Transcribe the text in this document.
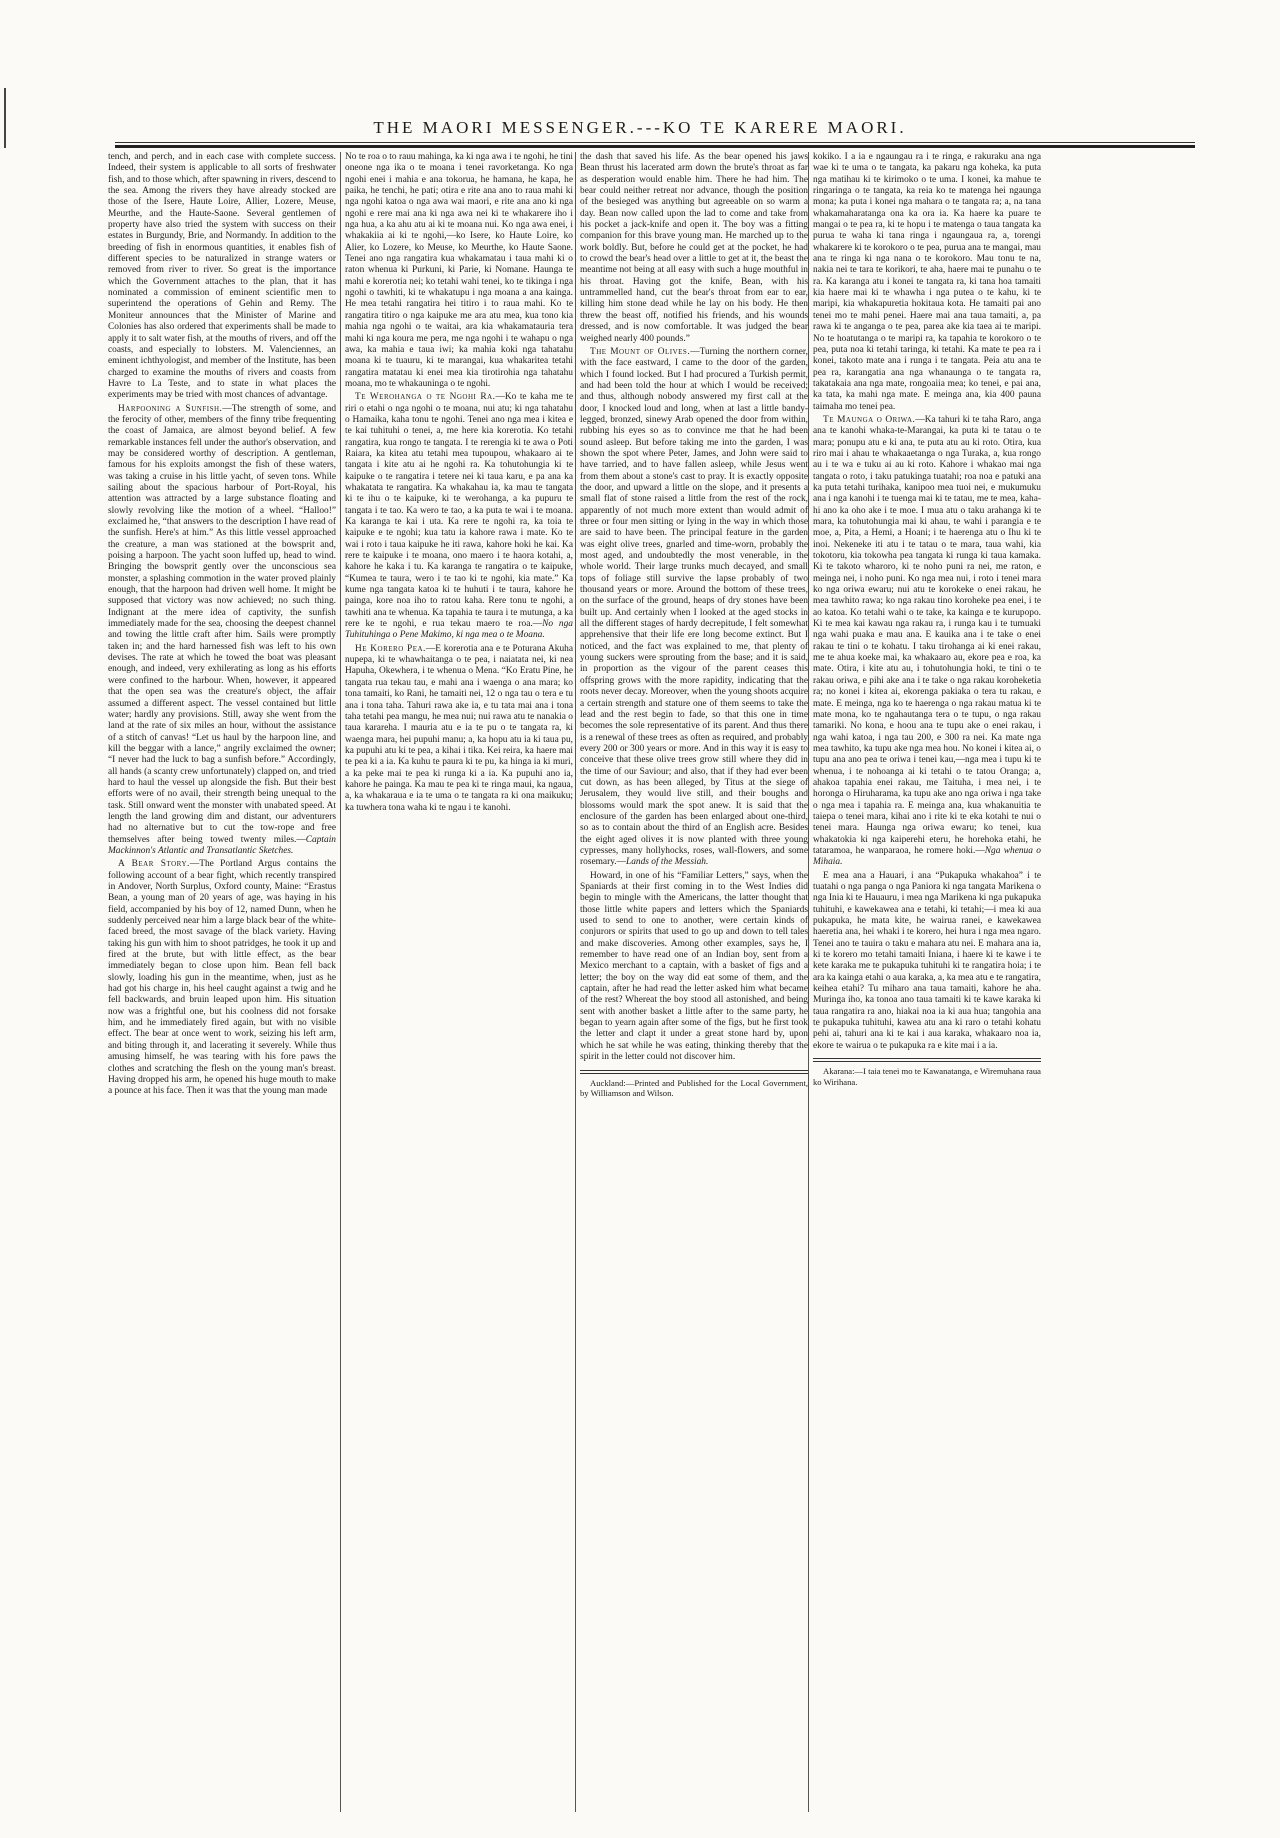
THE MAORI MESSENGER.---KO TE KARERE MAORI.

tench, and perch, and in each case with complete success. Indeed, their system is applicable to all sorts of freshwater fish, and to those which, after spawning in rivers, descend to the sea. Among the rivers they have already stocked are those of the Isere, Haute Loire, Allier, Lozere, Meuse, Meurthe, and the Haute-Saone. Several gentlemen of property have also tried the system with success on their estates in Burgundy, Brie, and Normandy. In addition to the breeding of fish in enormous quantities, it enables fish of different species to be naturalized in strange waters or removed from river to river. So great is the importance which the Government attaches to the plan, that it has nominated a commission of eminent scientific men to superintend the operations of Gehin and Remy. The Moniteur announces that the Minister of Marine and Colonies has also ordered that experiments shall be made to apply it to salt water fish, at the mouths of rivers, and off the coasts, and especially to lobsters. M. Valenciennes, an eminent ichthyologist, and member of the Institute, has been charged to examine the mouths of rivers and coasts from Havre to La Teste, and to state in what places the experiments may be tried with most chances of advantage.

Harpooning a Sunfish.—The strength of some, and the ferocity of other, members of the finny tribe frequenting the coast of Jamaica, are almost beyond belief. A few remarkable instances fell under the author's observation, and may be considered worthy of description. A gentleman, famous for his exploits amongst the fish of these waters, was taking a cruise in his little yacht, of seven tons. While sailing about the spacious harbour of Port-Royal, his attention was attracted by a large substance floating and slowly revolving like the motion of a wheel. “Halloo!” exclaimed he, “that answers to the description I have read of the sunfish. Here's at him.” As this little vessel approached the creature, a man was stationed at the bowsprit and, poising a harpoon. The yacht soon luffed up, head to wind. Bringing the bowsprit gently over the unconscious sea monster, a splashing commotion in the water proved plainly enough, that the harpoon had driven well home. It might be supposed that victory was now achieved; no such thing. Indignant at the mere idea of captivity, the sunfish immediately made for the sea, choosing the deepest channel and towing the little craft after him. Sails were promptly taken in; and the hard harnessed fish was left to his own devises. The rate at which he towed the boat was pleasant enough, and indeed, very exhilerating as long as his efforts were confined to the harbour. When, however, it appeared that the open sea was the creature's object, the affair assumed a different aspect. The vessel contained but little water; hardly any provisions. Still, away she went from the land at the rate of six miles an hour, without the assistance of a stitch of canvas! “Let us haul by the harpoon line, and kill the beggar with a lance,” angrily exclaimed the owner; “I never had the luck to bag a sunfish before.” Accordingly, all hands (a scanty crew unfortunately) clapped on, and tried hard to haul the vessel up alongside the fish. But their best efforts were of no avail, their strength being unequal to the task. Still onward went the monster with unabated speed. At length the land growing dim and distant, our adventurers had no alternative but to cut the tow-rope and free themselves after being towed twenty miles.—Captain Mackinnon's Atlantic and Transatlantic Sketches.

A Bear Story.—The Portland Argus contains the following account of a bear fight, which recently transpired in Andover, North Surplus, Oxford county, Maine: “Erastus Bean, a young man of 20 years of age, was haying in his field, accompanied by his boy of 12, named Dunn, when he suddenly perceived near him a large black bear of the white-faced breed, the most savage of the black variety. Having taking his gun with him to shoot patridges, he took it up and fired at the brute, but with little effect, as the bear immediately began to close upon him. Bean fell back slowly, loading his gun in the meantime, when, just as he had got his charge in, his heel caught against a twig and he fell backwards, and bruin leaped upon him. His situation now was a frightful one, but his coolness did not forsake him, and he immediately fired again, but with no visible effect. The bear at once went to work, seizing his left arm, and biting through it, and lacerating it severely. While thus amusing himself, he was tearing with his fore paws the clothes and scratching the flesh on the young man's breast. Having dropped his arm, he opened his huge mouth to make a pounce at his face. Then it was that the young man made

No te roa o to rauu mahinga, ka ki nga awa i te ngohi, he tini oneone nga ika o te moana i tenei ravorketanga. Ko nga ngohi enei i mahia e ana tokorua, he hamana, he kapa, he paika, he tenchi, he pati; otira e rite ana ano to raua mahi ki nga ngohi katoa o nga awa wai maori, e rite ana ano ki nga ngohi e rere mai ana ki nga awa nei ki te whakarere iho i nga hua, a ka ahu atu ai ki te moana nui. Ko nga awa enei, i whakakiia ai ki te ngohi,—ko Isere, ko Haute Loire, ko Alier, ko Lozere, ko Meuse, ko Meurthe, ko Haute Saone. Tenei ano nga rangatira kua whakamatau i taua mahi ki o raton whenua ki Purkuni, ki Parie, ki Nomane. Haunga te mahi e korerotia nei; ko tetahi wahi tenei, ko te tikinga i nga ngohi o tawhiti, ki te whakatupu i nga moana a ana kainga. He mea tetahi rangatira hei titiro i to raua mahi. Ko te rangatira titiro o nga kaipuke me ara atu mea, kua tono kia mahia nga ngohi o te waitai, ara kia whakamatauria tera mahi ki nga koura me pera, me nga ngohi i te wahapu o nga awa, ka mahia e taua iwi; ka mahia koki nga tahatahu moana ki te tuauru, ki te marangai, kua whakaritea tetahi rangatira matatau ki enei mea kia tirotirohia nga tahatahu moana, mo te whakauninga o te ngohi.

Te Werohanga o te Ngohi Ra.—Ko te kaha me te riri o etahi o nga ngohi o te moana, nui atu; ki nga tahatahu o Hamaika, kaha tonu te ngohi. Tenei ano nga mea i kitea e te kai tuhituhi o tenei, a, me here kia korerotia. Ko tetahi rangatira, kua rongo te tangata. I te rerengia ki te awa o Poti Raiara, ka kitea atu tetahi mea tupoupou, whakaaro ai te tangata i kite atu ai he ngohi ra. Ka tohutohungia ki te kaipuke o te rangatira i tetere nei ki taua karu, e pa ana ka whakatata te rangatira. Ka whakahau ia, ka mau te tangata ki te ihu o te kaipuke, ki te werohanga, a ka pupuru te tangata i te tao. Ka wero te tao, a ka puta te wai i te moana. Ka karanga te kai i uta. Ka rere te ngohi ra, ka toia te kaipuke e te ngohi; kua tatu ia kahore rawa i mate. Ko te wai i roto i taua kaipuke he iti rawa, kahore hoki he kai. Ka rere te kaipuke i te moana, ono maero i te haora kotahi, a, kahore he kaka i tu. Ka karanga te rangatira o te kaipuke, “Kumea te taura, wero i te tao ki te ngohi, kia mate.” Ka kume nga tangata katoa ki te huhuti i te taura, kahore he painga, kore noa iho to ratou kaha. Rere tonu te ngohi, a tawhiti ana te whenua. Ka tapahia te taura i te mutunga, a ka rere ke te ngohi, e rua tekau maero te roa.—No nga Tuhituhinga o Pene Makimo, ki nga mea o te Moana.

He Korero Pea.—E korerotia ana e te Poturana Akuha nupepa, ki te whawhaitanga o te pea, i naiatata nei, ki nea Hapuha, Okewhera, i te whenua o Mena. “Ko Eratu Pine, he tangata rua tekau tau, e mahi ana i waenga o ana mara; ko tona tamaiti, ko Rani, he tamaiti nei, 12 o nga tau o tera e tu ana i tona taha. Tahuri rawa ake ia, e tu tata mai ana i tona taha tetahi pea mangu, he mea nui; nui rawa atu te nanakia o taua karareha. I mauria atu e ia te pu o te tangata ra, ki waenga mara, hei pupuhi manu; a, ka hopu atu ia ki taua pu, ka pupuhi atu ki te pea, a kihai i tika. Kei reira, ka haere mai te pea ki a ia. Ka kuhu te paura ki te pu, ka hinga ia ki muri, a ka peke mai te pea ki runga ki a ia. Ka pupuhi ano ia, kahore he painga. Ka mau te pea ki te ringa maui, ka ngaua, a, ka whakaraua e ia te uma o te tangata ra ki ona maikuku; ka tuwhera tona waha ki te ngau i te kanohi.

the dash that saved his life. As the bear opened his jaws Bean thrust his lacerated arm down the brute's throat as far as desperation would enable him. There he had him. The bear could neither retreat nor advance, though the position of the besieged was anything but agreeable on so warm a day. Bean now called upon the lad to come and take from his pocket a jack-knife and open it. The boy was a fitting companion for this brave young man. He marched up to the work boldly. But, before he could get at the pocket, he had to crowd the bear's head over a little to get at it, the beast the meantime not being at all easy with such a huge mouthful in his throat. Having got the knife, Bean, with his untrammelled hand, cut the bear's throat from ear to ear, killing him stone dead while he lay on his body. He then threw the beast off, notified his friends, and his wounds dressed, and is now comfortable. It was judged the bear weighed nearly 400 pounds.”

The Mount of Olives.—Turning the northern corner, with the face eastward, I came to the door of the garden, which I found locked. But I had procured a Turkish permit, and had been told the hour at which I would be received; and thus, although nobody answered my first call at the door, I knocked loud and long, when at last a little bandy-legged, bronzed, sinewy Arab opened the door from within, rubbing his eyes so as to convince me that he had been sound asleep. But before taking me into the garden, I was shown the spot where Peter, James, and John were said to have tarried, and to have fallen asleep, while Jesus went from them about a stone's cast to pray. It is exactly opposite the door, and upward a little on the slope, and it presents a small flat of stone raised a little from the rest of the rock, apparently of not much more extent than would admit of three or four men sitting or lying in the way in which those are said to have been. The principal feature in the garden was eight olive trees, gnarled and time-worn, probably the most aged, and undoubtedly the most venerable, in the whole world. Their large trunks much decayed, and small tops of foliage still survive the lapse probably of two thousand years or more. Around the bottom of these trees, on the surface of the ground, heaps of dry stones have been built up. And certainly when I looked at the aged stocks in all the different stages of hardy decrepitude, I felt somewhat apprehensive that their life ere long become extinct. But I noticed, and the fact was explained to me, that plenty of young suckers were sprouting from the base; and it is said, in proportion as the vigour of the parent ceases this offspring grows with the more rapidity, indicating that the roots never decay. Moreover, when the young shoots acquire a certain strength and stature one of them seems to take the lead and the rest begin to fade, so that this one in time becomes the sole representative of its parent. And thus there is a renewal of these trees as often as required, and probably every 200 or 300 years or more. And in this way it is easy to conceive that these olive trees grow still where they did in the time of our Saviour; and also, that if they had ever been cut down, as has been alleged, by Titus at the siege of Jerusalem, they would live still, and their boughs and blossoms would mark the spot anew. It is said that the enclosure of the garden has been enlarged about one-third, so as to contain about the third of an English acre. Besides the eight aged olives it is now planted with three young cypresses, many hollyhocks, roses, wall-flowers, and some rosemary.—Lands of the Messiah.

Howard, in one of his “Familiar Letters,” says, when the Spaniards at their first coming in to the West Indies did begin to mingle with the Americans, the latter thought that those little white papers and letters which the Spaniards used to send to one to another, were certain kinds of conjurors or spirits that used to go up and down to tell tales and make discoveries. Among other examples, says he, I remember to have read one of an Indian boy, sent from a Mexico merchant to a captain, with a basket of figs and a letter; the boy on the way did eat some of them, and the captain, after he had read the letter asked him what became of the rest? Whereat the boy stood all astonished, and being sent with another basket a little after to the same party, he began to yearn again after some of the figs, but he first took the letter and clapt it under a great stone hard by, upon which he sat while he was eating, thinking thereby that the spirit in the letter could not discover him.

Auckland:—Printed and Published for the Local Government, by Williamson and Wilson.

kokiko. I a ia e ngaungau ra i te ringa, e rakuraku ana nga wae ki te uma o te tangata, ka pakaru nga koheka, ka puta nga matihau ki te kirimoko o te uma. I konei, ka mahue te ringaringa o te tangata, ka reia ko te matenga hei ngaunga mona; ka puta i konei nga mahara o te tangata ra; a, na tana whakamaharatanga ona ka ora ia. Ka haere ka puare te mangai o te pea ra, ki te hopu i te matenga o taua tangata ka purua te waha ki tana ringa i ngaungaua ra, a, torengi whakarere ki te korokoro o te pea, purua ana te mangai, mau ana te ringa ki nga nana o te korokoro. Mau tonu te na, nakia nei te tara te korikori, te aha, haere mai te punahu o te ra. Ka karanga atu i konei te tangata ra, ki tana hoa tamaiti kia haere mai ki te whawha i nga putea o te kahu, ki te maripi, kia whakapuretia hokitaua kota. He tamaiti pai ano tenei mo te mahi penei. Haere mai ana taua tamaiti, a, pa rawa ki te anganga o te pea, parea ake kia taea ai te maripi. No te hoatutanga o te maripi ra, ka tapahia te korokoro o te pea, puta noa ki tetahi taringa, ki tetahi. Ka mate te pea ra i konei, takoto mate ana i runga i te tangata. Peia atu ana te pea ra, karangatia ana nga whanaunga o te tangata ra, takatakaia ana nga mate, rongoaiia mea; ko tenei, e pai ana, ka tata, ka mahi nga mate. E meinga ana, kia 400 pauna taimaha mo tenei pea.

Te Maunga o Oriwa.—Ka tahuri ki te taha Raro, anga ana te kanohi whaka-te-Marangai, ka puta ki te tatau o te mara; ponupu atu e ki ana, te puta atu au ki roto. Otira, kua riro mai i ahau te whakaaetanga o nga Turaka, a, kua rongo au i te wa e tuku ai au ki roto. Kahore i whakao mai nga tangata o roto, i taku patukinga tuatahi; roa noa e patuki ana ka puta tetahi turihaka, kanipoo mea tuoi nei, e mukumuku ana i nga kanohi i te tuenga mai ki te tatau, me te mea, kaha-hi ano ka oho ake i te moe. I mua atu o taku arahanga ki te mara, ka tohutohungia mai ki ahau, te wahi i parangia e te moe, a, Pita, a Hemi, a Hoani; i te haerenga atu o Ihu ki te inoi. Nekeneke iti atu i te tatau o te mara, taua wahi, kia tokotoru, kia tokowha pea tangata ki runga ki taua kamaka. Ki te takoto wharoro, ki te noho puni ra nei, me raton, e meinga nei, i noho puni. Ko nga mea nui, i roto i tenei mara ko nga oriwa ewaru; nui atu te korokeke o enei rakau, he mea tawhito rawa; ko nga rakau tino koroheke pea enei, i te ao katoa. Ko tetahi wahi o te take, ka kainga e te kurupopo. Ki te mea kai kawau nga rakau ra, i runga kau i te tumuaki nga wahi puaka e mau ana. E kauika ana i te take o enei rakau te tini o te kohatu. I taku tirohanga ai ki enei rakau, me te ahua koeke mai, ka whakaaro au, ekore pea e roa, ka mate. Otira, i kite atu au, i tohutohungia hoki, te tini o te rakau oriwa, e pihi ake ana i te take o nga rakau koroheketia ra; no konei i kitea ai, ekorenga pakiaka o tera tu rakau, e mate. E meinga, nga ko te haerenga o nga rakau matua ki te mate mona, ko te ngahautanga tera o te tupu, o nga rakau tamariki. No kona, e hoou ana te tupu ake o enei rakau, i nga wahi katoa, i nga tau 200, e 300 ra nei. Ka mate nga mea tawhito, ka tupu ake nga mea hou. No konei i kitea ai, o tupu ana ano pea te oriwa i tenei kau,—nga mea i tupu ki te whenua, i te nohoanga ai ki tetahi o te tatou Oranga; a, ahakoa tapahia enei rakau, me Taituha, i mea nei, i te horonga o Hiruharama, ka tupu ake ano nga oriwa i nga take o nga mea i tapahia ra. E meinga ana, kua whakanuitia te taiepa o tenei mara, kihai ano i rite ki te eka kotahi te nui o tenei mara. Haunga nga oriwa ewaru; ko tenei, kua whakatokia ki nga kaiperehi eteru, he horehoka etahi, he tataramoa, he wanparaoa, he romere hoki.—Nga whenua o Mihaia.

E mea ana a Hauari, i ana “Pukapuka whakahoa” i te tuatahi o nga panga o nga Paniora ki nga tangata Marikena o nga Inia ki te Hauauru, i mea nga Marikena ki nga pukapuka tuhituhi, e kawekawea ana e tetahi, ki tetahi;—i mea ki aua pukapuka, he mata kite, he wairua ranei, e kawekawea haeretia ana, hei whaki i te korero, hei hura i nga mea ngaro. Tenei ano te tauira o taku e mahara atu nei. E mahara ana ia, ki te korero mo tetahi tamaiti Iniana, i haere ki te kawe i te kete karaka me te pukapuka tuhituhi ki te rangatira hoia; i te ara ka kainga etahi o aua karaka, a, ka mea atu e te rangatira, keihea etahi? Tu miharo ana taua tamaiti, kahore he aha. Muringa iho, ka tonoa ano taua tamaiti ki te kawe karaka ki taua rangatira ra ano, hiakai noa ia ki aua hua; tangohia ana te pukapuka tuhituhi, kawea atu ana ki raro o tetahi kohatu pehi ai, tahuri ana ki te kai i aua karaka, whakaaro noa ia, ekore te wairua o te pukapuka ra e kite mai i a ia.

Akarana:—I taia tenei mo te Kawanatanga, e Wiremuhana raua ko Wirihana.
